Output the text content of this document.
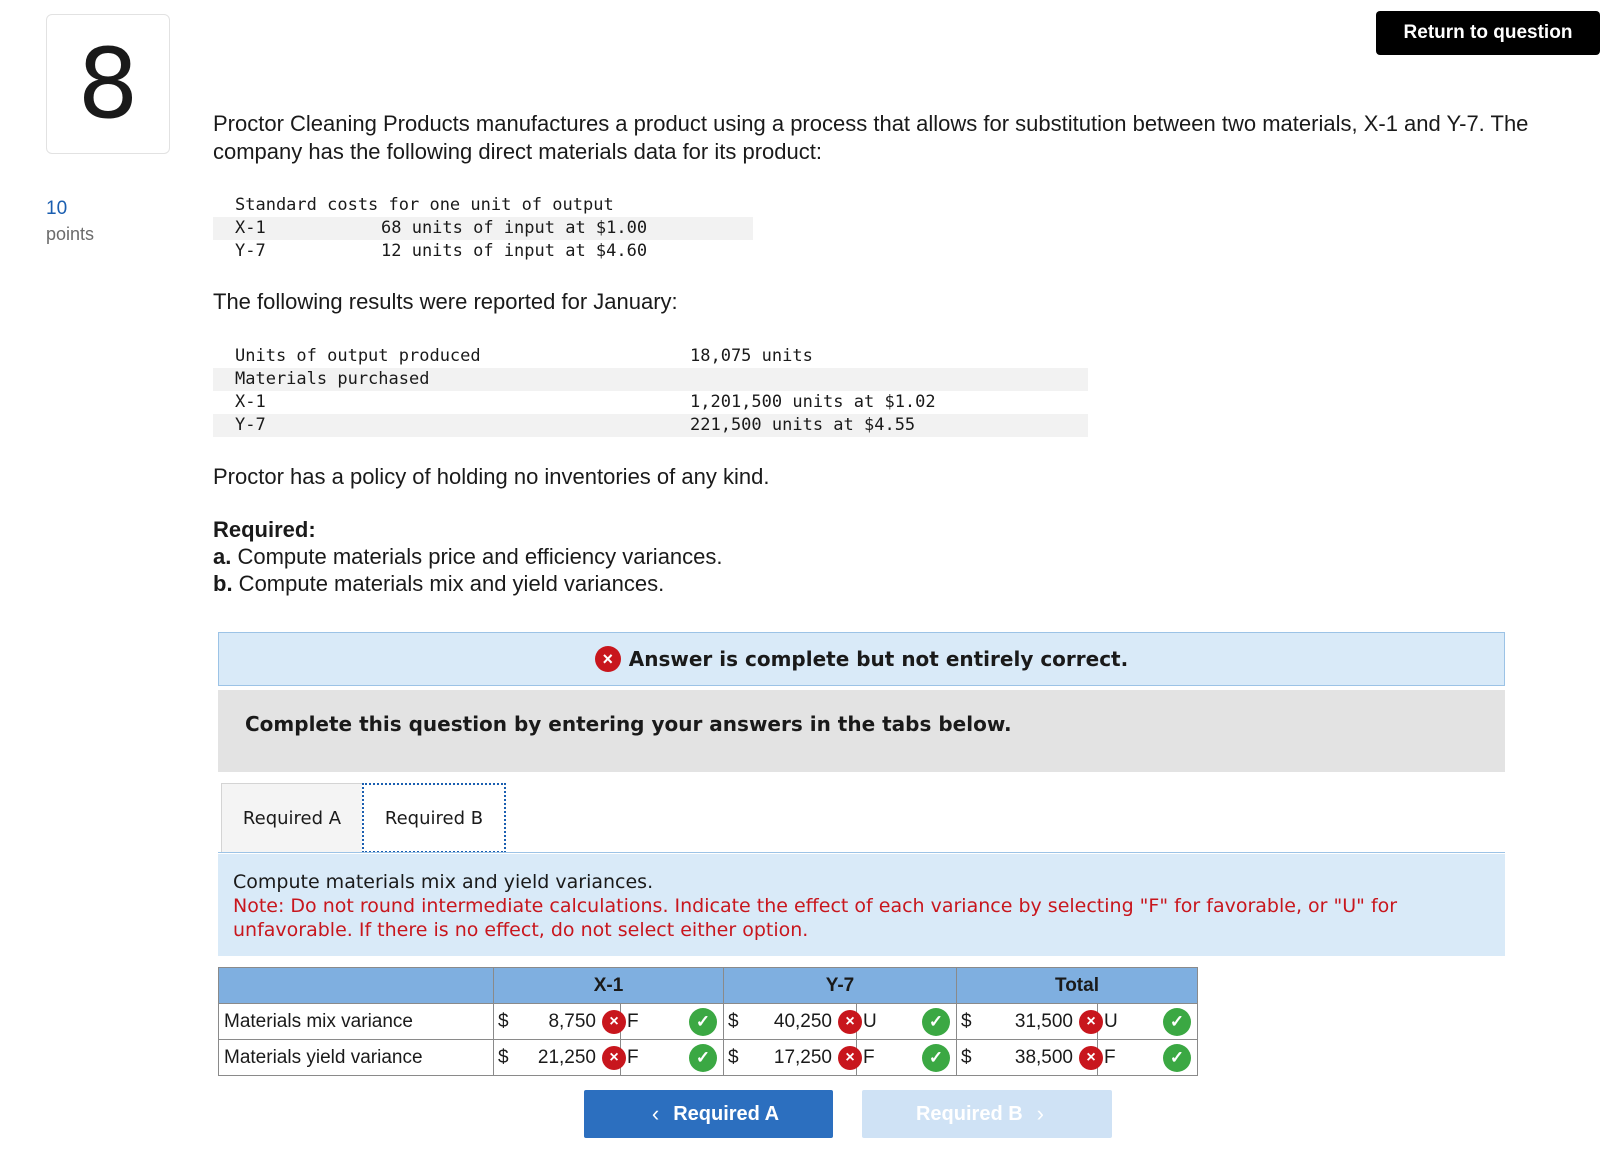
8
10
points
Return to question
Proctor Cleaning Products manufactures a product using a process that allows for substitution between two materials, X-1 and Y-7. The company has the following direct materials data for its product:

Standard costs for one unit of output

X-1

	68 units of input at $1.00

Y-7

	12 units of input at $4.60

The following results were reported for January:

Units of output produced

	18,075 units

Materials purchased

X-1

	1,201,500 units at $1.02

Y-7

	221,500 units at $4.55

Proctor has a policy of holding no inventories of any kind.
Required:
a. Compute materials price and efficiency variances.
b. Compute materials mix and yield variances.
× Answer is complete but not entirely correct.
Complete this question by entering your answers in the tabs below.
Required A	Required B
Compute materials mix and yield variances.
Note: Do not round intermediate calculations. Indicate the effect of each variance by selecting "F" for favorable, or "U" for unfavorable. If there is no effect, do not select either option.
	X-1		Y-7		Total	
Materials mix variance	$ 8,750 ×	F ✓	$ 40,250 ×	U ✓	$ 31,500 ×	U ✓

Materials yield variance	$ 21,250 ×	F ✓	$ 17,250 ×	F ✓	$ 38,500 ×	F ✓
‹ Required A	Required B ›
